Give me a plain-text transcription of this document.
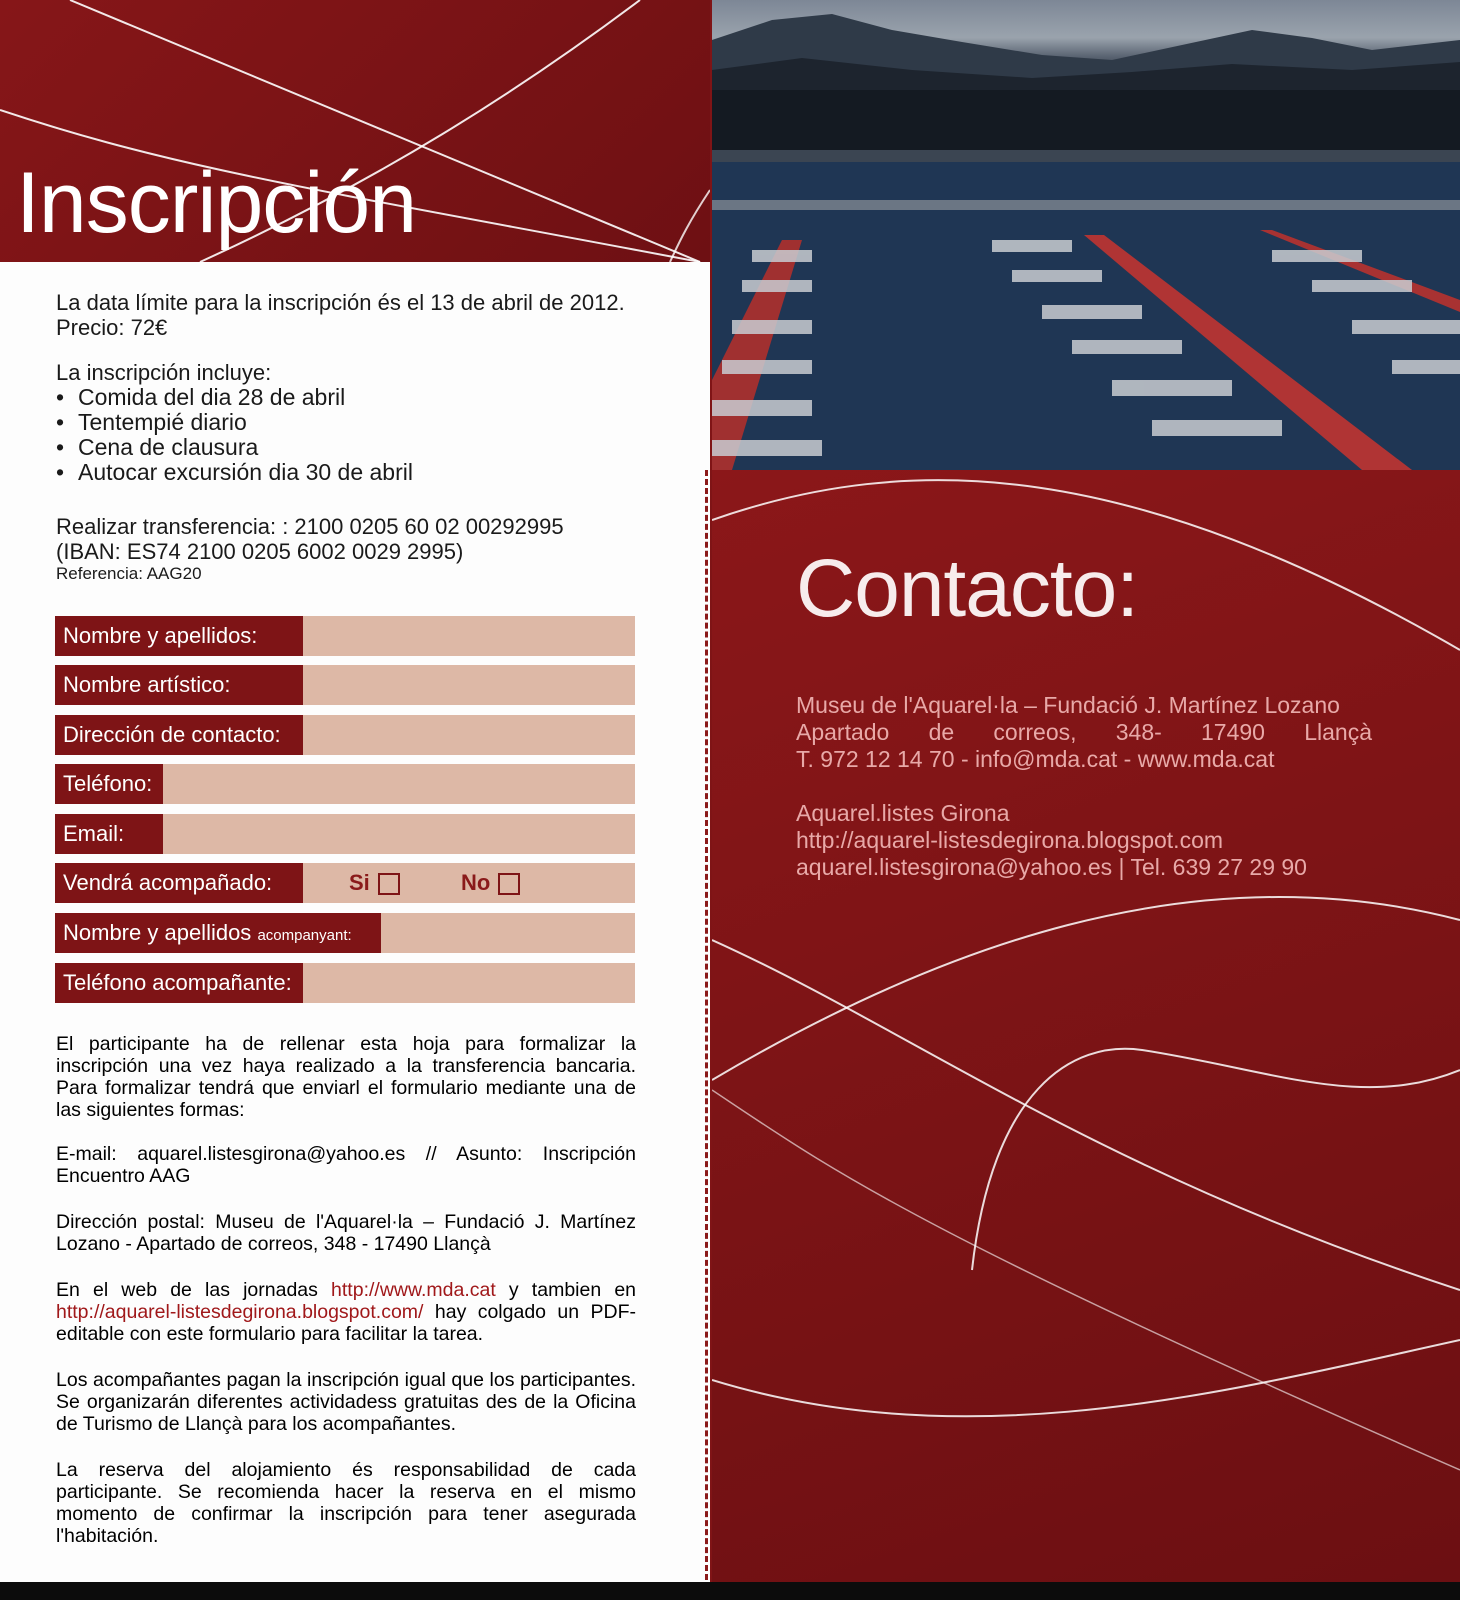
Inscripción

La data límite para la inscripción és el 13 de abril de 2012.
Precio: 72€

La inscripción incluye:

• Comida del dia 28 de abril
• Tentempié diario
• Cena de clausura
• Autocar excursión dia 30 de abril

Realizar transferencia: : 2100 0205 60 02 00292995
(IBAN: ES74 2100 0205 6002 0029 2995)

Referencia: AAG20

Nombre y apellidos:
Nombre artístico:
Dirección de contacto:
Teléfono:
Email:
Vendrá acompañado:	Si	No
Nombre y apellidos acompanyant:
Teléfono acompañante:

El participante ha de rellenar esta hoja para formalizar la inscripción una vez haya realizado a la transferencia bancaria. Para formalizar tendrá que enviarl el formulario mediante una de las siguientes formas:

E-mail: aquarel.listesgirona@yahoo.es // Asunto: Inscripción Encuentro AAG

Dirección postal: Museu de l'Aquarel·la – Fundació J. Martínez Lozano - Apartado de correos, 348 - 17490 Llançà

En el web de las jornadas http://www.mda.cat y tambien en http://aquarel-listesdegirona.blogspot.com/ hay colgado un PDF-editable con este formulario para facilitar la tarea.

Los acompañantes pagan la inscripción igual que los participantes. Se organizarán diferentes actividadess gratuitas des de la Oficina de Turismo de Llançà para los acompañantes.

La reserva del alojamiento és responsabilidad de cada participante. Se recomienda hacer la reserva en el mismo momento de confirmar la inscripción para tener asegurada l'habitación.

Contacto:
Museu de l'Aquarel·la – Fundació J. Martínez Lozano
Apartado de correos, 348- 17490 Llançà
T. 972 12 14 70 - info@mda.cat - www.mda.cat
Aquarel.listes Girona
http://aquarel-listesdegirona.blogspot.com
aquarel.listesgirona@yahoo.es | Tel. 639 27 29 90
